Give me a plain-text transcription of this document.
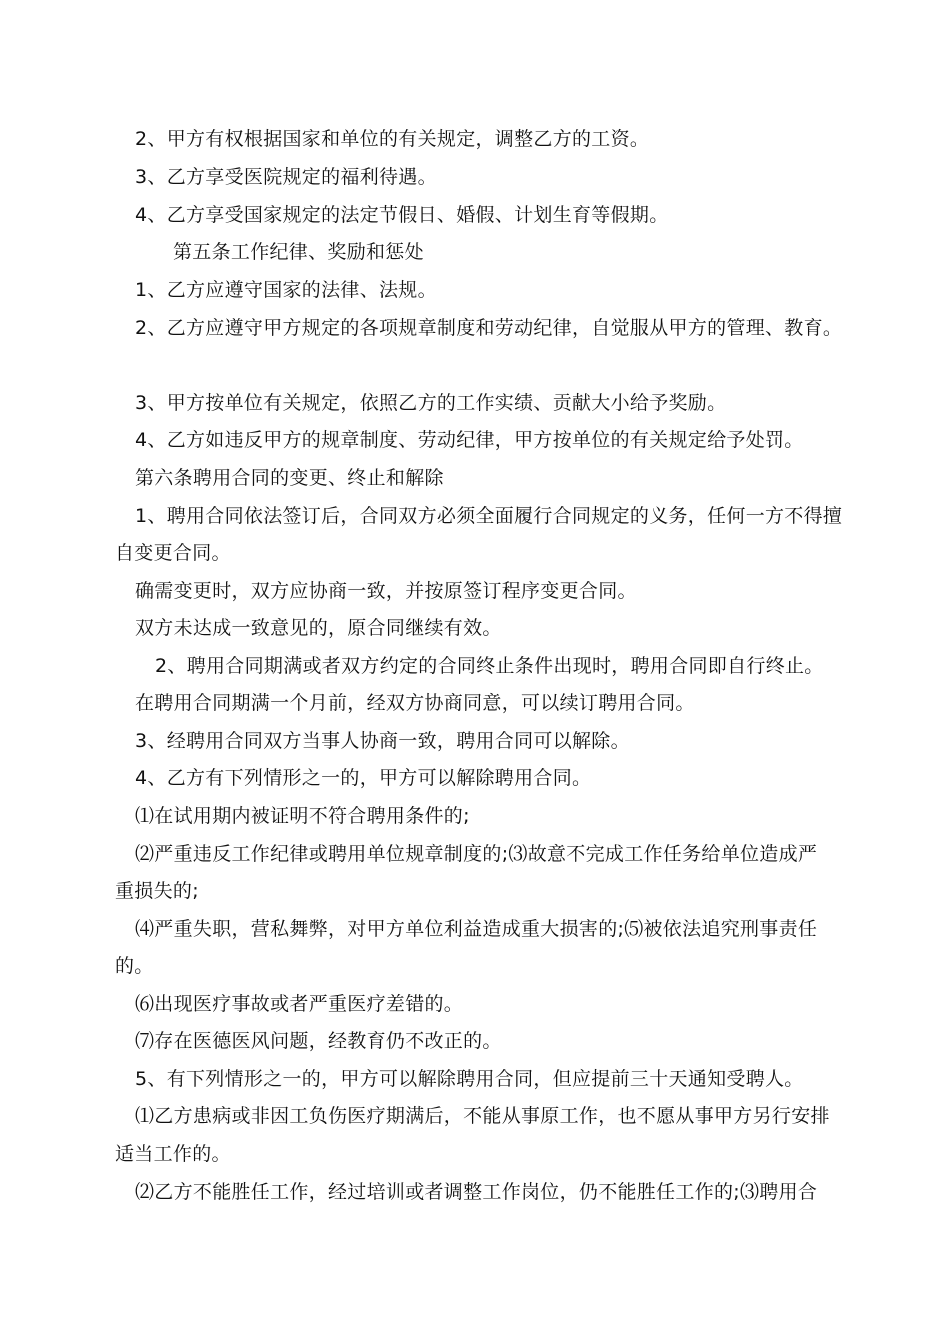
2、甲方有权根据国家和单位的有关规定，调整乙方的工资。
3、乙方享受医院规定的福利待遇。
4、乙方享受国家规定的法定节假日、婚假、计划生育等假期。
第五条工作纪律、奖励和惩处
1、乙方应遵守国家的法律、法规。
2、乙方应遵守甲方规定的各项规章制度和劳动纪律，自觉服从甲方的管理、教育。
3、甲方按单位有关规定，依照乙方的工作实绩、贡献大小给予奖励。
4、乙方如违反甲方的规章制度、劳动纪律，甲方按单位的有关规定给予处罚。
第六条聘用合同的变更、终止和解除
1、聘用合同依法签订后，合同双方必须全面履行合同规定的义务，任何一方不得擅
自变更合同。
确需变更时，双方应协商一致，并按原签订程序变更合同。
双方未达成一致意见的，原合同继续有效。
2、聘用合同期满或者双方约定的合同终止条件出现时，聘用合同即自行终止。
在聘用合同期满一个月前，经双方协商同意，可以续订聘用合同。
3、经聘用合同双方当事人协商一致，聘用合同可以解除。
4、乙方有下列情形之一的，甲方可以解除聘用合同。
⑴在试用期内被证明不符合聘用条件的;
⑵严重违反工作纪律或聘用单位规章制度的;⑶故意不完成工作任务给单位造成严
重损失的;
⑷严重失职，营私舞弊，对甲方单位利益造成重大损害的;⑸被依法追究刑事责任
的。
⑹出现医疗事故或者严重医疗差错的。
⑺存在医德医风问题，经教育仍不改正的。
5、有下列情形之一的，甲方可以解除聘用合同，但应提前三十天通知受聘人。
⑴乙方患病或非因工负伤医疗期满后，不能从事原工作，也不愿从事甲方另行安排
适当工作的。
⑵乙方不能胜任工作，经过培训或者调整工作岗位，仍不能胜任工作的;⑶聘用合
